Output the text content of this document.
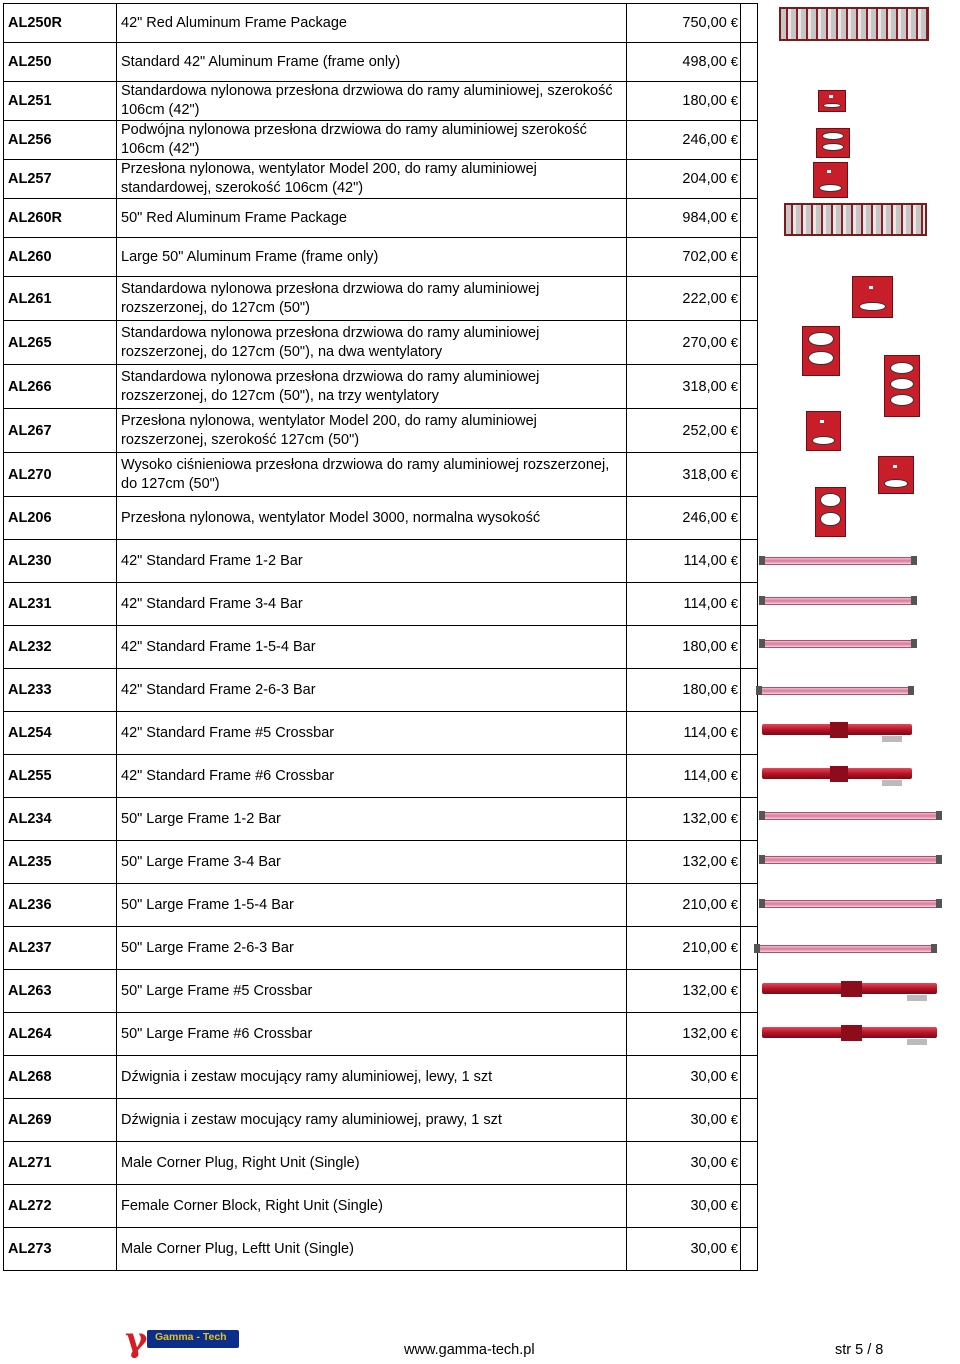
AL250R	42" Red Aluminum Frame Package	750,00 €	
AL250	Standard 42" Aluminum Frame (frame only)	498,00 €	
AL251	Standardowa nylonowa przesłona drzwiowa do ramy aluminiowej, szerokość 106cm (42")	180,00 €	
AL256	Podwójna nylonowa przesłona drzwiowa do ramy aluminiowej szerokość 106cm (42")	246,00 €	
AL257	Przesłona nylonowa, wentylator Model 200, do ramy aluminiowej standardowej, szerokość 106cm (42")	204,00 €	
AL260R	50" Red Aluminum Frame Package	984,00 €	
AL260	Large 50" Aluminum Frame (frame only)	702,00 €	
AL261	Standardowa nylonowa przesłona drzwiowa do ramy aluminiowej rozszerzonej, do 127cm (50")	222,00 €	
AL265	Standardowa nylonowa przesłona drzwiowa do ramy aluminiowej rozszerzonej, do 127cm (50"), na dwa wentylatory	270,00 €	
AL266	Standardowa nylonowa przesłona drzwiowa do ramy aluminiowej rozszerzonej, do 127cm (50"), na trzy wentylatory	318,00 €	
AL267	Przesłona nylonowa, wentylator Model 200, do ramy aluminiowej rozszerzonej, szerokość 127cm (50")	252,00 €	
AL270	Wysoko ciśnieniowa przesłona drzwiowa do ramy aluminiowej rozszerzonej, do 127cm (50")	318,00 €	
AL206	Przesłona nylonowa, wentylator Model 3000, normalna wysokość	246,00 €	
AL230	42" Standard Frame 1-2 Bar	114,00 €	
AL231	42" Standard Frame 3-4 Bar	114,00 €	
AL232	42" Standard Frame 1-5-4 Bar	180,00 €	
AL233	42" Standard Frame 2-6-3 Bar	180,00 €	
AL254	42" Standard Frame #5 Crossbar	114,00 €	
AL255	42" Standard Frame #6 Crossbar	114,00 €	
AL234	50" Large Frame 1-2 Bar	132,00 €	
AL235	50" Large Frame 3-4 Bar	132,00 €	
AL236	50" Large Frame 1-5-4 Bar	210,00 €	
AL237	50" Large Frame 2-6-3 Bar	210,00 €	
AL263	50" Large Frame #5 Crossbar	132,00 €	
AL264	50" Large Frame #6 Crossbar	132,00 €	
AL268	Dźwignia i zestaw mocujący ramy aluminiowej, lewy, 1 szt	30,00 €	
AL269	Dźwignia i zestaw mocujący ramy aluminiowej, prawy, 1 szt	30,00 €	
AL271	Male Corner Plug, Right Unit (Single)	30,00 €	
AL272	Female Corner Block, Right Unit (Single)	30,00 €	
AL273	Male Corner Plug, Leftt Unit (Single)	30,00 €	
γ Gamma - Tech
www.gamma-tech.pl	str 5 / 8
